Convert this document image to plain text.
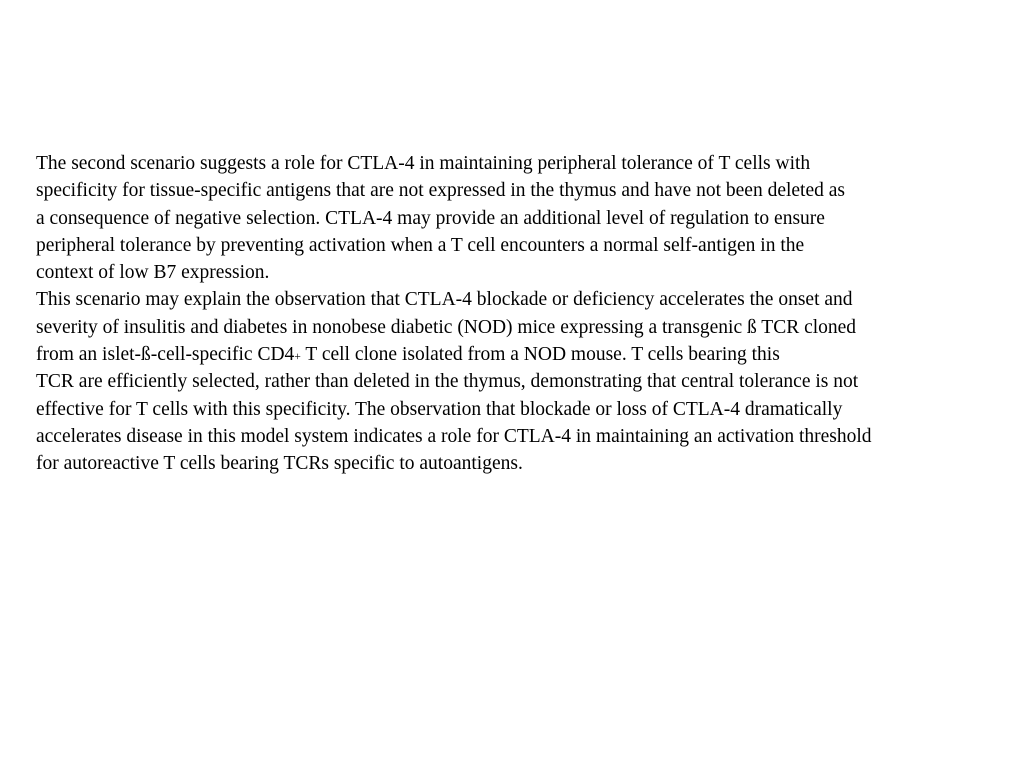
The second scenario suggests a role for CTLA-4 in maintaining peripheral tolerance of T cells with
specificity for tissue-specific antigens that are not expressed in the thymus and have not been deleted as
a consequence of negative selection. CTLA-4 may provide an additional level of regulation to ensure
peripheral tolerance by preventing activation when a T cell encounters a normal self-antigen in the
context of low B7 expression.
This scenario may explain the observation that CTLA-4 blockade or deficiency accelerates the onset and
severity of insulitis and diabetes in nonobese diabetic (NOD) mice expressing a transgenic ß TCR cloned
from an islet-ß-cell-specific CD4+ T cell clone isolated from a NOD mouse. T cells bearing this
TCR are efficiently selected, rather than deleted in the thymus, demonstrating that central tolerance is not
effective for T cells with this specificity. The observation that blockade or loss of CTLA-4 dramatically
accelerates disease in this model system indicates a role for CTLA-4 in maintaining an activation threshold
for autoreactive T cells bearing TCRs specific to autoantigens.
